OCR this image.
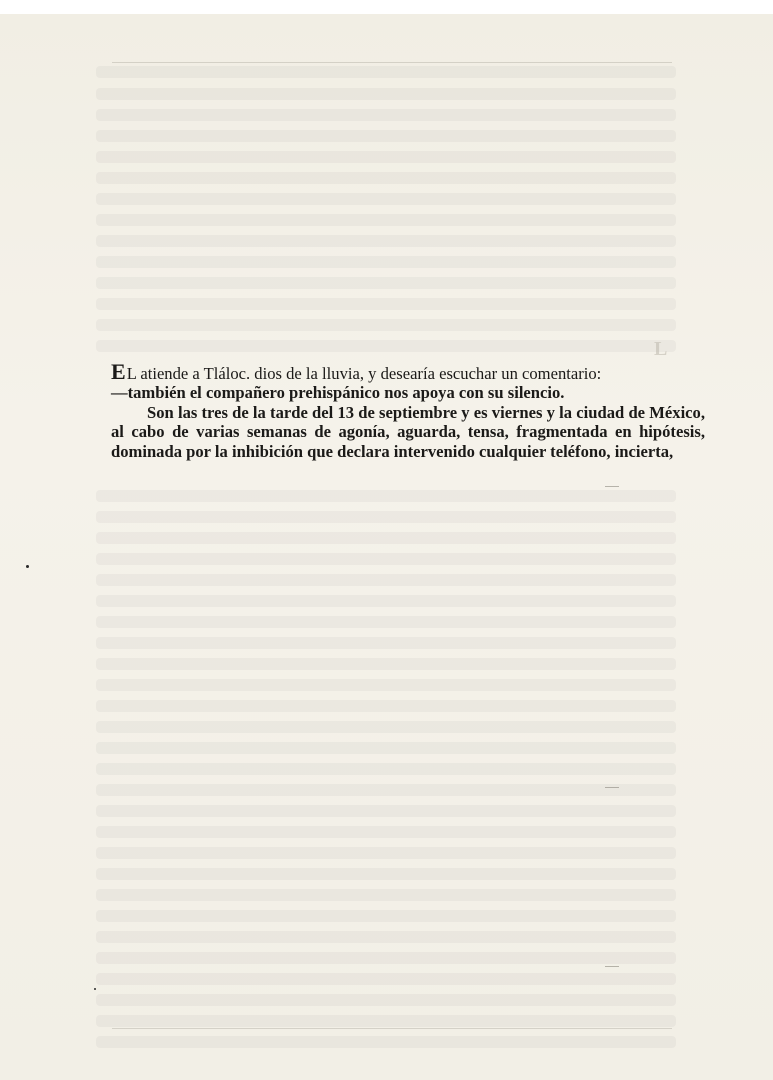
L

EL atiende a Tláloc. dios de la lluvia, y desearía escuchar un comentario:

—también el compañero prehispánico nos apoya con su silencio.

Son las tres de la tarde del 13 de septiembre y es viernes y la ciudad de México, al cabo de varias semanas de agonía, aguarda, tensa, fragmentada en hipótesis, dominada por la inhibición que declara intervenido cualquier teléfono, incierta,
